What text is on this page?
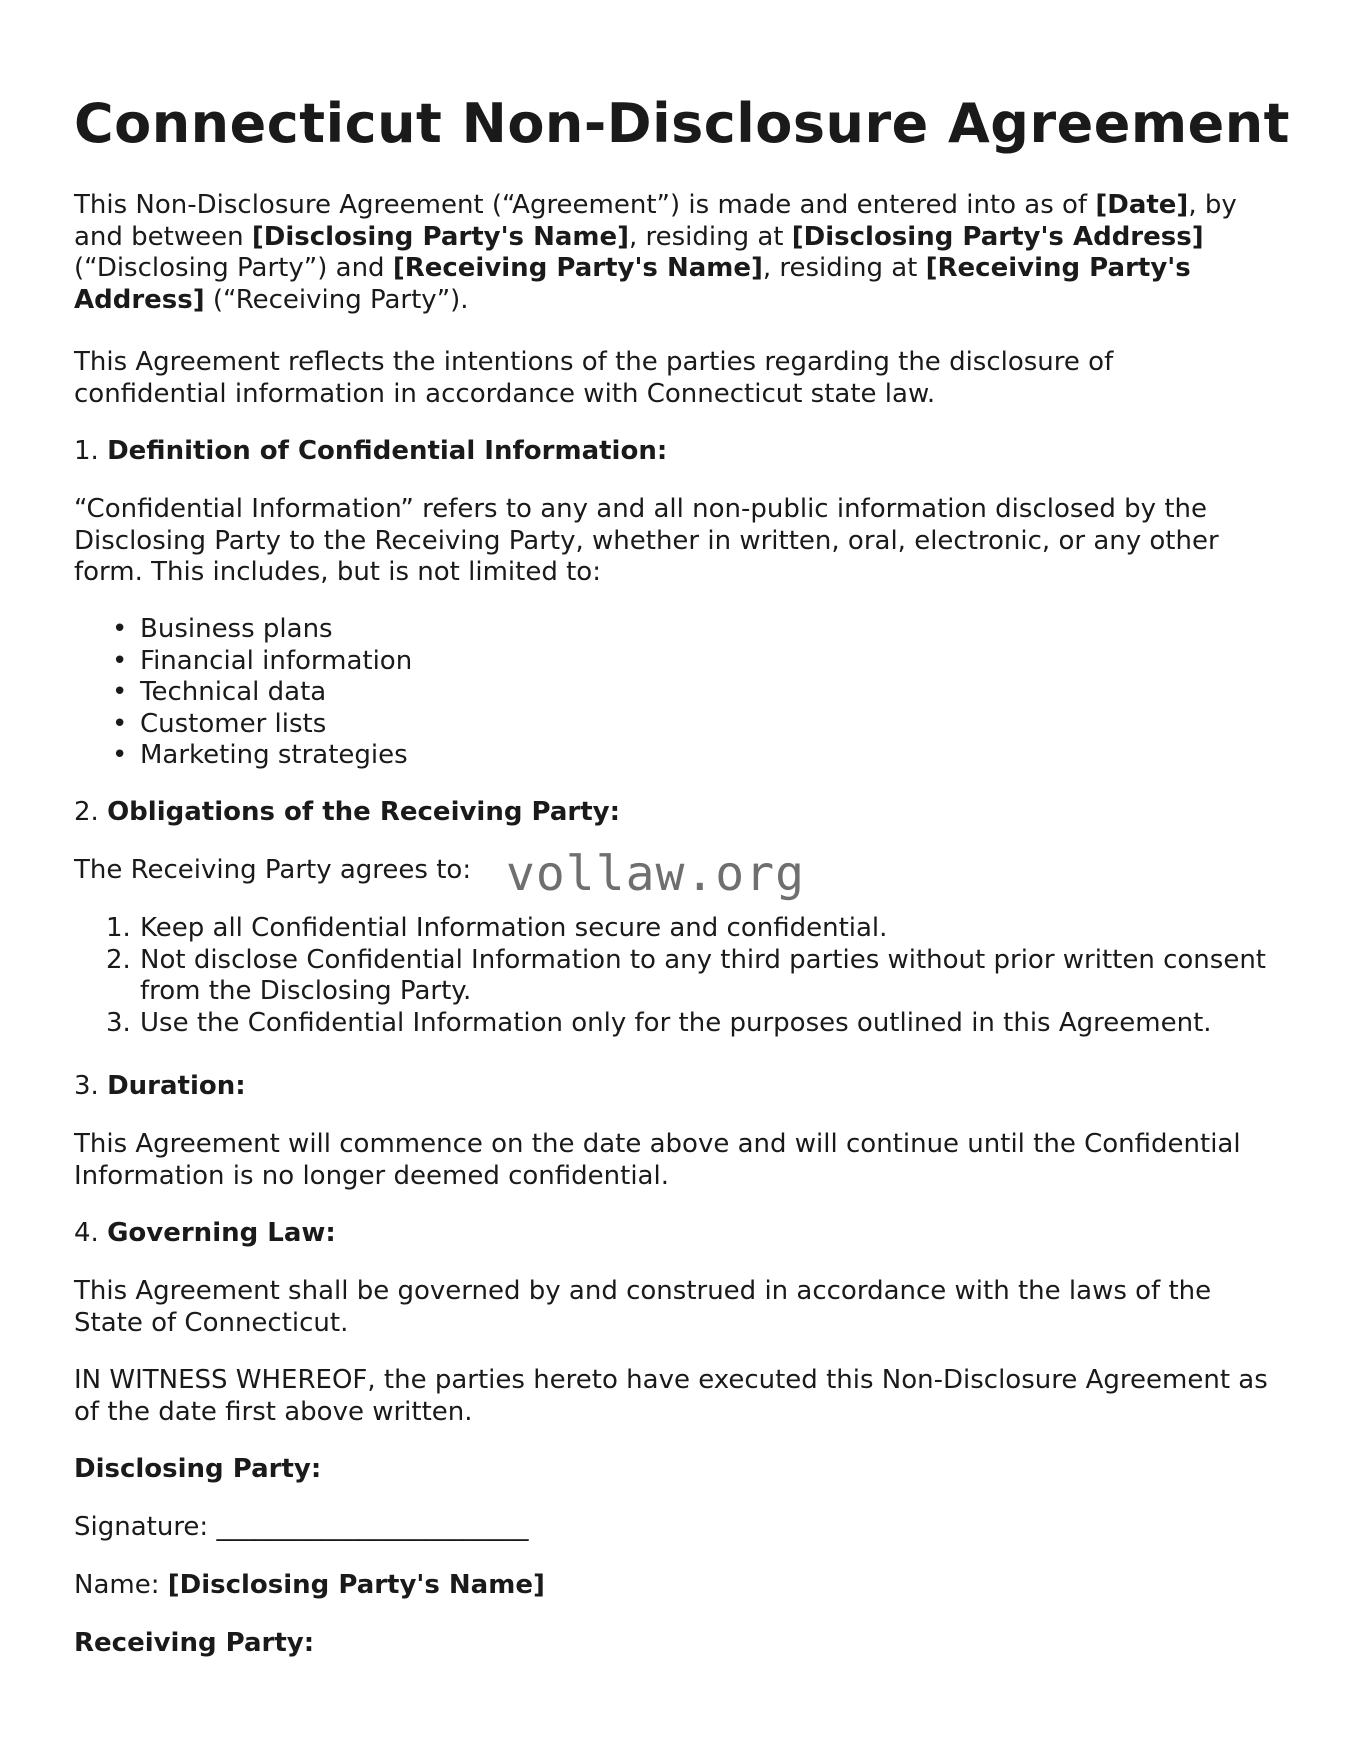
Connecticut Non-Disclosure Agreement
This Non-Disclosure Agreement (“Agreement”) is made and entered into as of [Date], by and between [Disclosing Party's Name], residing at [Disclosing Party's Address] (“Disclosing Party”) and [Receiving Party's Name], residing at [Receiving Party's Address] (“Receiving Party”).
This Agreement reflects the intentions of the parties regarding the disclosure of confidential information in accordance with Connecticut state law.
1. Definition of Confidential Information:
“Confidential Information” refers to any and all non-public information disclosed by the Disclosing Party to the Receiving Party, whether in written, oral, electronic, or any other form. This includes, but is not limited to:
• Business plans
• Financial information
• Technical data
• Customer lists
• Marketing strategies
2. Obligations of the Receiving Party:
The Receiving Party agrees to:
1. Keep all Confidential Information secure and confidential.
2. Not disclose Confidential Information to any third parties without prior written consent from the Disclosing Party.
3. Use the Confidential Information only for the purposes outlined in this Agreement.
3. Duration:
This Agreement will commence on the date above and will continue until the Confidential Information is no longer deemed confidential.
4. Governing Law:
This Agreement shall be governed by and construed in accordance with the laws of the State of Connecticut.
IN WITNESS WHEREOF, the parties hereto have executed this Non-Disclosure Agreement as of the date first above written.
Disclosing Party:
Signature: ________________________
Name: [Disclosing Party's Name]
Receiving Party:
vollaw.org
